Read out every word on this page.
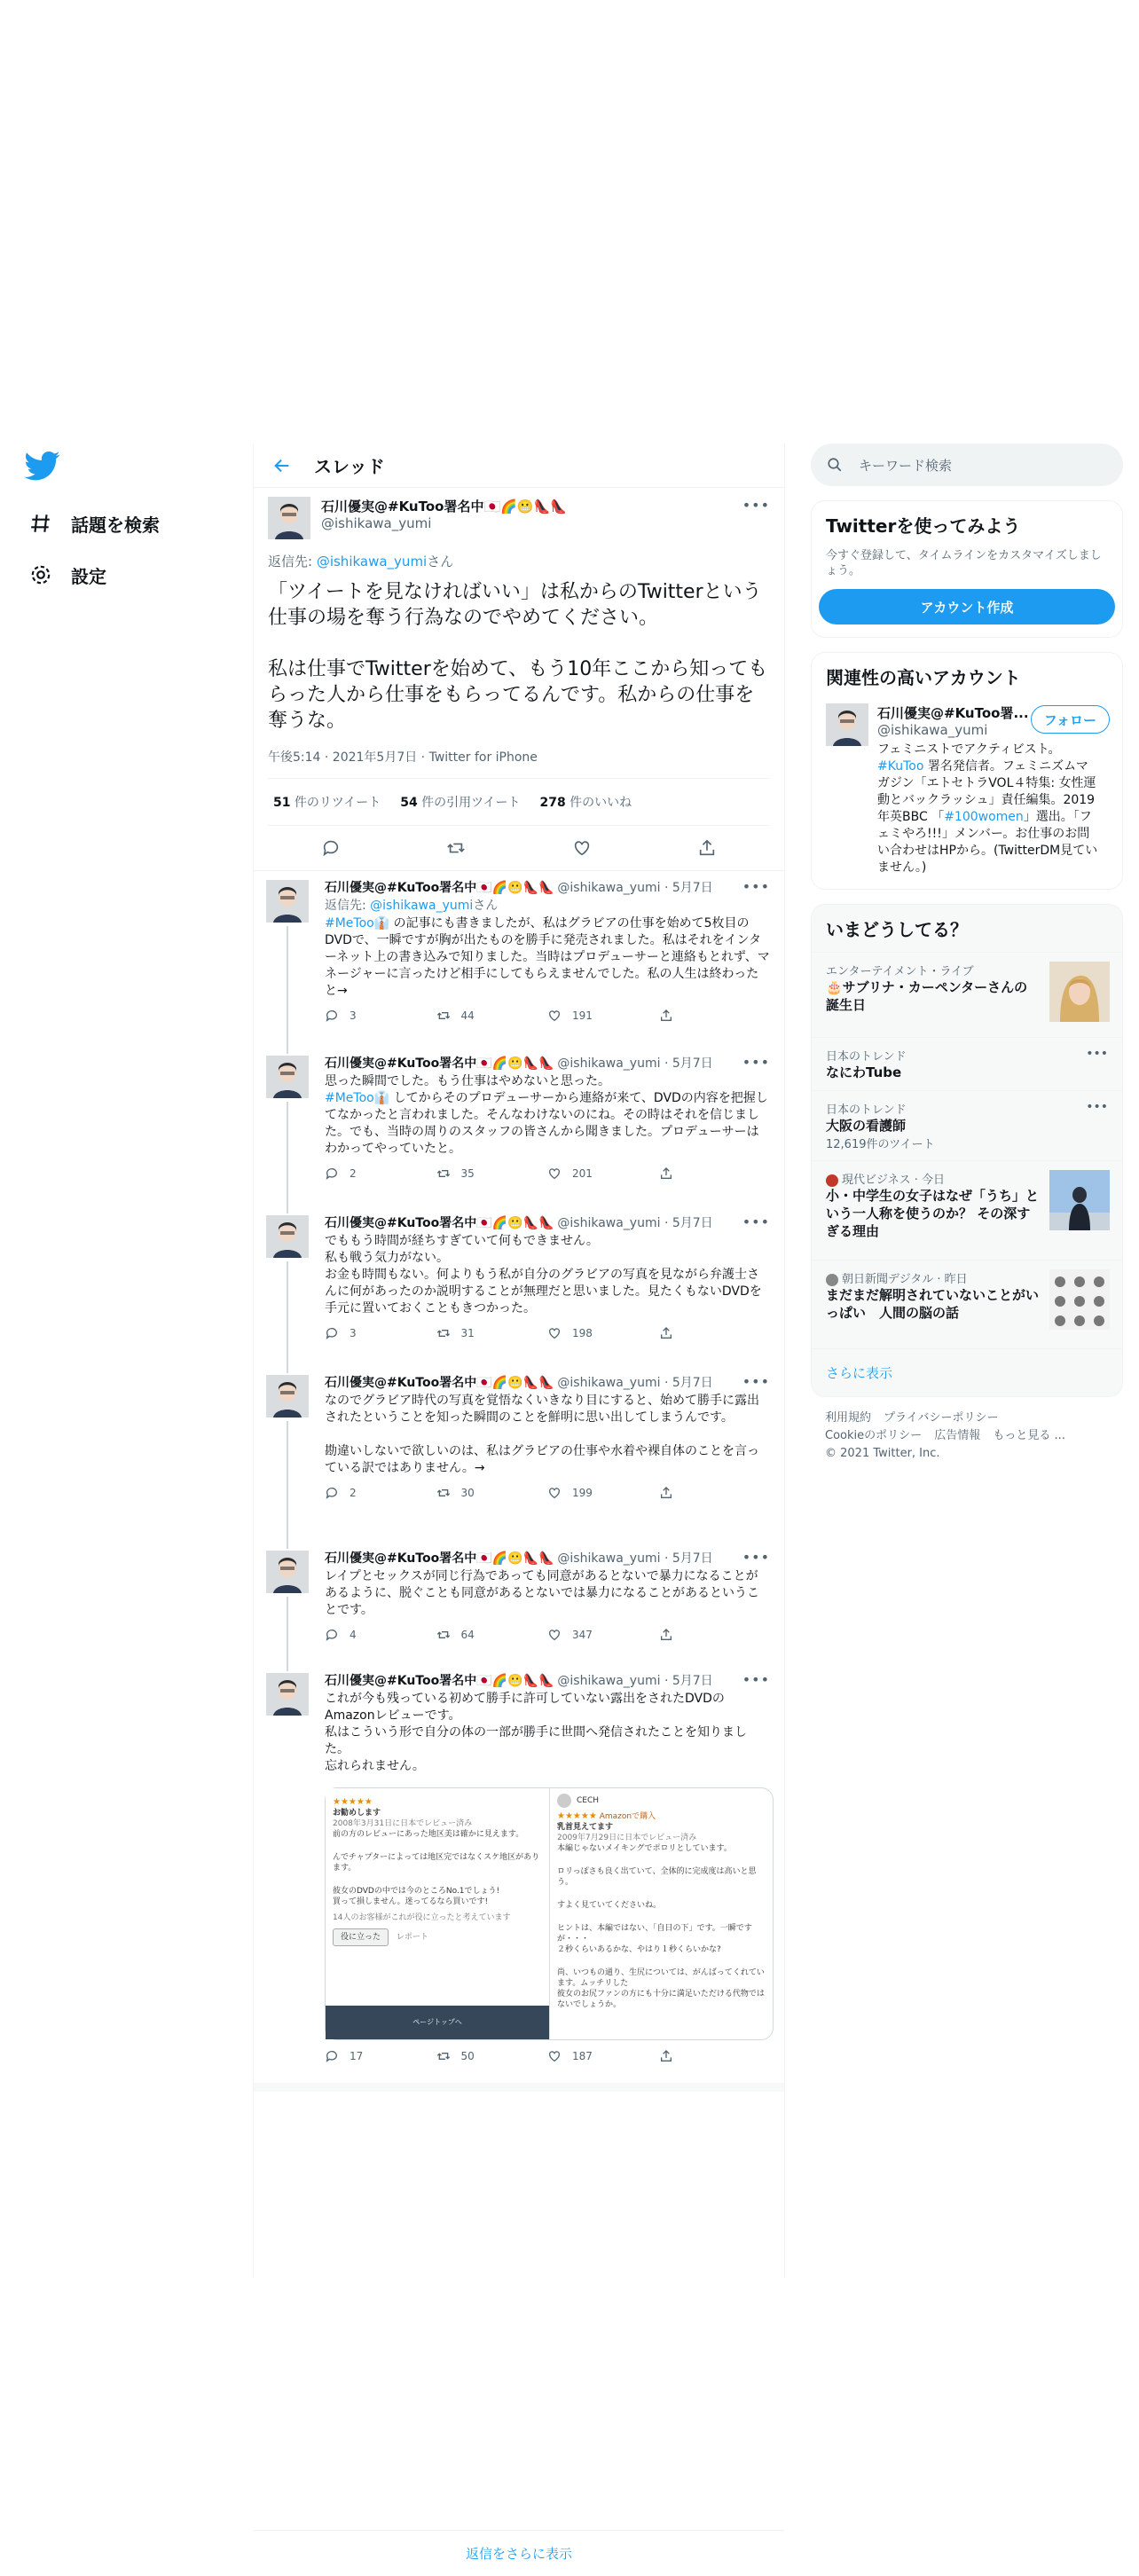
話題を検索
設定
スレッド
石川優実@#KuToo署名中🇯🇵🌈😬👠👠
@ishikawa_yumi
•••
返信先: @ishikawa_yumiさん
「ツイートを見なければいい」は私からのTwitterという仕事の場を奪う行為なのでやめてください。

私は仕事でTwitterを始めて、もう10年ここから知ってもらった人から仕事をもらってるんです。私からの仕事を奪うな。
午後5:14 · 2021年5月7日 · Twitter for iPhone
51 件のリツイート 54 件の引用ツイート 278 件のいいね
石川優実@#KuToo署名中🇯🇵🌈😬👠👠 @ishikawa_yumi · 5月7日 •••
返信先: @ishikawa_yumiさん
#MeToo👔 の記事にも書きましたが、私はグラビアの仕事を始めて5枚目のDVDで、一瞬ですが胸が出たものを勝手に発売されました。私はそれをインターネット上の書き込みで知りました。当時はプロデューサーと連絡もとれず、マネージャーに言ったけど相手にしてもらえませんでした。私の人生は終わったと→
3	44	191
石川優実@#KuToo署名中🇯🇵🌈😬👠👠 @ishikawa_yumi · 5月7日 •••
思った瞬間でした。もう仕事はやめないと思った。
#MeToo👔 してからそのプロデューサーから連絡が来て、DVDの内容を把握してなかったと言われました。そんなわけないのにね。その時はそれを信じました。でも、当時の周りのスタッフの皆さんから聞きました。プロデューサーはわかってやっていたと。
2	35	201
石川優実@#KuToo署名中🇯🇵🌈😬👠👠 @ishikawa_yumi · 5月7日 •••
でももう時間が経ちすぎていて何もできません。
私も戦う気力がない。
お金も時間もない。何よりもう私が自分のグラビアの写真を見ながら弁護士さんに何があったのか説明することが無理だと思いました。見たくもないDVDを手元に置いておくこともきつかった。
3	31	198
石川優実@#KuToo署名中🇯🇵🌈😬👠👠 @ishikawa_yumi · 5月7日 •••
なのでグラビア時代の写真を覚悟なくいきなり目にすると、始めて勝手に露出されたということを知った瞬間のことを鮮明に思い出してしまうんです。

勘違いしないで欲しいのは、私はグラビアの仕事や水着や裸自体のことを言っている訳ではありません。→
2	30	199
石川優実@#KuToo署名中🇯🇵🌈😬👠👠 @ishikawa_yumi · 5月7日 •••
レイプとセックスが同じ行為であっても同意があるとないで暴力になることがあるように、脱ぐことも同意があるとないでは暴力になることがあるということです。
4	64	347
石川優実@#KuToo署名中🇯🇵🌈😬👠👠 @ishikawa_yumi · 5月7日 •••
これが今も残っている初めて勝手に許可していない露出をされたDVDのAmazonレビューです。
私はこういう形で自分の体の一部が勝手に世間へ発信されたことを知りました。
忘れられません。
★★★★★
お勧めします
2008年3月31日に日本でレビュー済み
前の方のレビューにあった地区美は確かに見えます。
んでチャプターによっては地区完ではなくスケ地区があります。
彼女のDVDの中では今のところNo.1でしょう!
買って損しません。迷ってるなら買いです!
14人のお客様がこれが役に立ったと考えています
役に立った レポート
ページトップへ
CECH
★★★★★ Amazonで購入
乳首見えてます
2009年7月29日に日本でレビュー済み
本編じゃないメイキングでポロリとしています。
ロリっぽさも良く出ていて、全体的に完成度は高いと思う。
すよく見ていてくださいね。
ヒントは、本編ではない、「自日の下」です。一瞬ですが・・・
２秒くらいあるかな、やはり１秒くらいかな?
尚、いつもの通り、生尻については、がんばってくれています。ムッチリした
彼女のお尻ファンの方にも十分に満足いただける代物ではないでしょうか。
17	50	187
返信をさらに表示
キーワード検索
Twitterを使ってみよう

今すぐ登録して、タイムラインをカスタマイズしましょう。

アカウント作成
関連性の高いアカウント
石川優実@#KuToo署...
@ishikawa_yumi
フェミニストでアクティビスト。#KuToo 署名発信者。フェミニズムマガジン「エトセトラVOL４特集: 女性運動とバックラッシュ」責任編集。2019年英BBC 「#100women」選出。「フェミやろ!!!」メンバー。お仕事のお問い合わせはHPから。(TwitterDM見ていません。)
フォロー
いまどうしてる？
エンターテイメント・ライブ
🎂サブリナ・カーペンターさんの誕生日
日本のトレンド
なにわTube
•••
日本のトレンド
大阪の看護師
12,619件のツイート
•••
現代ビジネス · 今日
小・中学生の女子はなぜ「うち」という一人称を使うのか？ その深すぎる理由
朝日新聞デジタル · 昨日
まだまだ解明されていないことがいっぱい　人間の脳の話
さらに表示
利用規約 プライバシーポリシー
Cookieのポリシー 広告情報 もっと見る ...
© 2021 Twitter, Inc.
